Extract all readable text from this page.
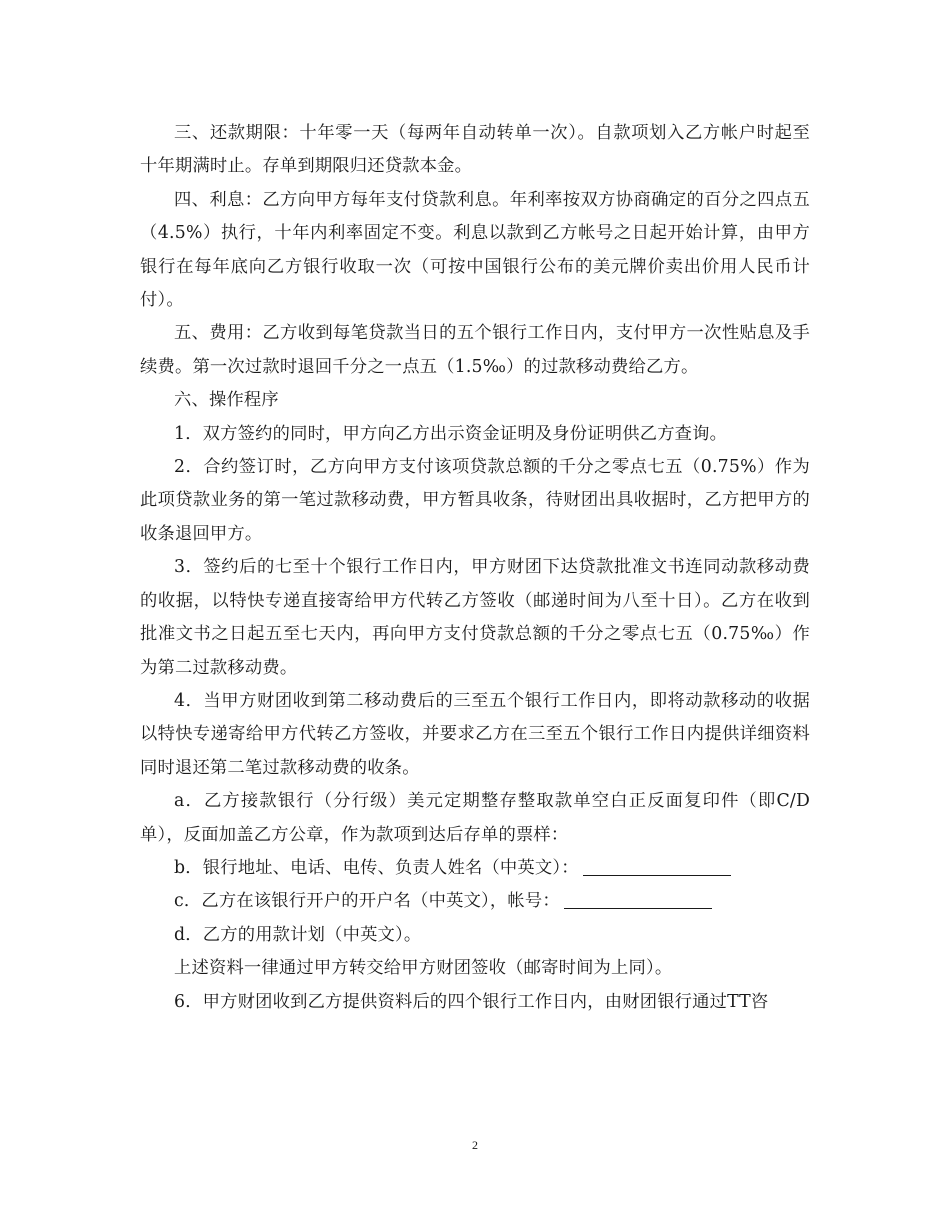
三、还款期限：十年零一天（每两年自动转单一次）。自款项划入乙方帐户时起至十年期满时止。存单到期限归还贷款本金。

四、利息：乙方向甲方每年支付贷款利息。年利率按双方协商确定的百分之四点五（4.5%）执行，十年内利率固定不变。利息以款到乙方帐号之日起开始计算，由甲方银行在每年底向乙方银行收取一次（可按中国银行公布的美元牌价卖出价用人民币计付）。

五、费用：乙方收到每笔贷款当日的五个银行工作日内，支付甲方一次性贴息及手续费。第一次过款时退回千分之一点五（1.5‰）的过款移动费给乙方。

六、操作程序

1．双方签约的同时，甲方向乙方出示资金证明及身份证明供乙方查询。

2．合约签订时，乙方向甲方支付该项贷款总额的千分之零点七五（0.75%）作为此项贷款业务的第一笔过款移动费，甲方暂具收条，待财团出具收据时，乙方把甲方的收条退回甲方。

3．签约后的七至十个银行工作日内，甲方财团下达贷款批准文书连同动款移动费的收据，以特快专递直接寄给甲方代转乙方签收（邮递时间为八至十日）。乙方在收到批准文书之日起五至七天内，再向甲方支付贷款总额的千分之零点七五（0.75‰）作为第二过款移动费。

4．当甲方财团收到第二移动费后的三至五个银行工作日内，即将动款移动的收据以特快专递寄给甲方代转乙方签收，并要求乙方在三至五个银行工作日内提供详细资料同时退还第二笔过款移动费的收条。

a．乙方接款银行（分行级）美元定期整存整取款单空白正反面复印件（即C/D单），反面加盖乙方公章，作为款项到达后存单的票样：

b．银行地址、电话、电传、负责人姓名（中英文）：

c．乙方在该银行开户的开户名（中英文），帐号：

d．乙方的用款计划（中英文）。

上述资料一律通过甲方转交给甲方财团签收（邮寄时间为上同）。

6．甲方财团收到乙方提供资料后的四个银行工作日内，由财团银行通过TT咨

2
